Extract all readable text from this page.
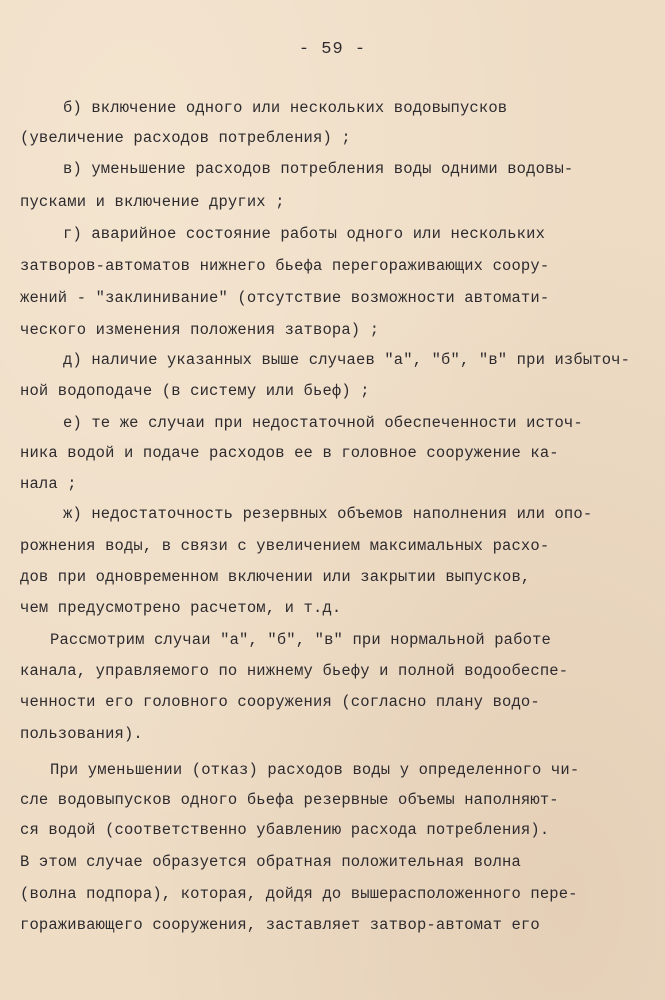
- 59 -
б) включение одного или нескольких водовыпусков
(увеличение расходов потребления) ;
в) уменьшение расходов потребления воды одними водовы-
пусками и включение других ;
г) аварийное состояние работы одного или нескольких
затворов-автоматов нижнего бьефа перегораживающих соору-
жений - "заклинивание" (отсутствие возможности автомати-
ческого изменения положения затвора) ;
д) наличие указанных выше случаев "а", "б", "в" при избыточ-
ной водоподаче (в систему или бьеф) ;
е) те же случаи при недостаточной обеспеченности источ-
ника водой и подаче расходов ее в головное сооружение ка-
нала ;
ж) недостаточность резервных объемов наполнения или опо-
рожнения воды, в связи с увеличением максимальных расхо-
дов при одновременном включении или закрытии выпусков,
чем предусмотрено расчетом, и т.д.
Рассмотрим случаи "а", "б", "в" при нормальной работе
канала, управляемого по нижнему бьефу и полной водообеспе-
ченности его головного сооружения (согласно плану водо-
пользования).
При уменьшении (отказ) расходов воды у определенного чи-
сле водовыпусков одного бьефа резервные объемы наполняют-
ся водой (соответственно убавлению расхода потребления).
В этом случае образуется обратная положительная волна
(волна подпора), которая, дойдя до вышерасположенного пере-
гораживающего сооружения, заставляет затвор-автомат его
